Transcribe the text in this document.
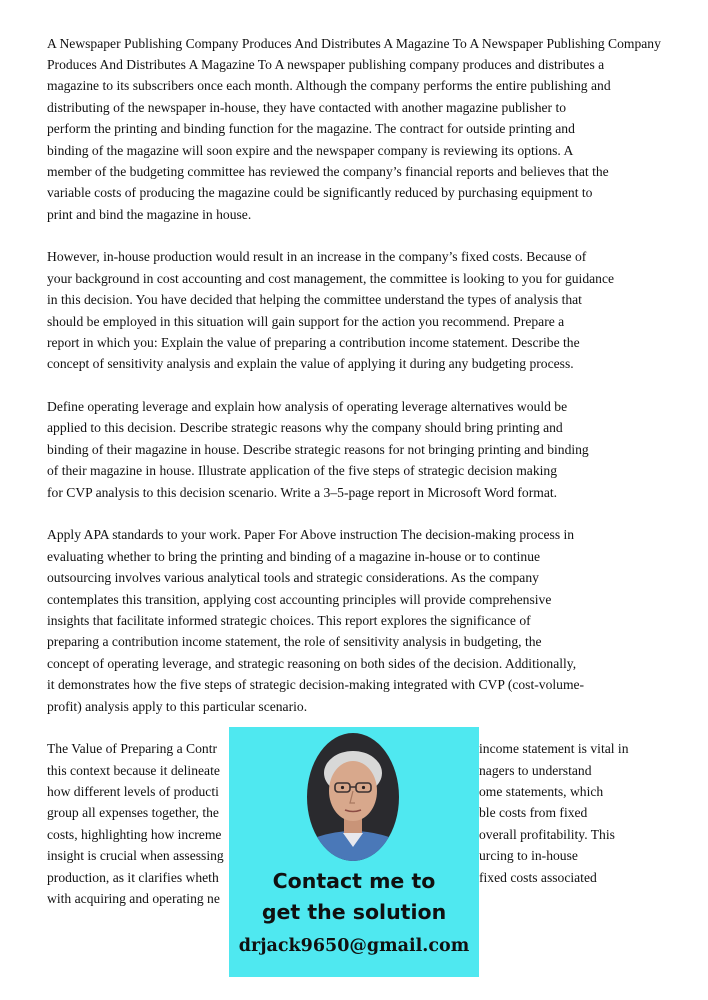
A Newspaper Publishing Company Produces And Distributes A Magazine To A Newspaper Publishing Company
Produces And Distributes A Magazine To A newspaper publishing company produces and distributes a
magazine to its subscribers once each month. Although the company performs the entire publishing and
distributing of the newspaper in-house, they have contacted with another magazine publisher to
perform the printing and binding function for the magazine. The contract for outside printing and
binding of the magazine will soon expire and the newspaper company is reviewing its options. A
member of the budgeting committee has reviewed the company’s financial reports and believes that the
variable costs of producing the magazine could be significantly reduced by purchasing equipment to
print and bind the magazine in house.
However, in-house production would result in an increase in the company’s fixed costs. Because of
your background in cost accounting and cost management, the committee is looking to you for guidance
in this decision. You have decided that helping the committee understand the types of analysis that
should be employed in this situation will gain support for the action you recommend. Prepare a
report in which you: Explain the value of preparing a contribution income statement. Describe the
concept of sensitivity analysis and explain the value of applying it during any budgeting process.
Define operating leverage and explain how analysis of operating leverage alternatives would be
applied to this decision. Describe strategic reasons why the company should bring printing and
binding of their magazine in house. Describe strategic reasons for not bringing printing and binding
of their magazine in house. Illustrate application of the five steps of strategic decision making
for CVP analysis to this decision scenario. Write a 3–5-page report in Microsoft Word format.
Apply APA standards to your work. Paper For Above instruction The decision-making process in
evaluating whether to bring the printing and binding of a magazine in-house or to continue
outsourcing involves various analytical tools and strategic considerations. As the company
contemplates this transition, applying cost accounting principles will provide comprehensive
insights that facilitate informed strategic choices. This report explores the significance of
preparing a contribution income statement, the role of sensitivity analysis in budgeting, the
concept of operating leverage, and strategic reasoning on both sides of the decision. Additionally,
it demonstrates how the five steps of strategic decision-making integrated with CVP (cost-volume-
profit) analysis apply to this particular scenario.
The Value of Preparing a Contr
this context because it delineate
how different levels of producti
group all expenses together, the
costs, highlighting how increme
insight is crucial when assessing
production, as it clarifies wheth
with acquiring and operating ne
income statement is vital in
nagers to understand
ome statements, which
ble costs from fixed
overall profitability. This
urcing to in-house
fixed costs associated
Contact me to
get the solution
drjack9650@gmail.com
